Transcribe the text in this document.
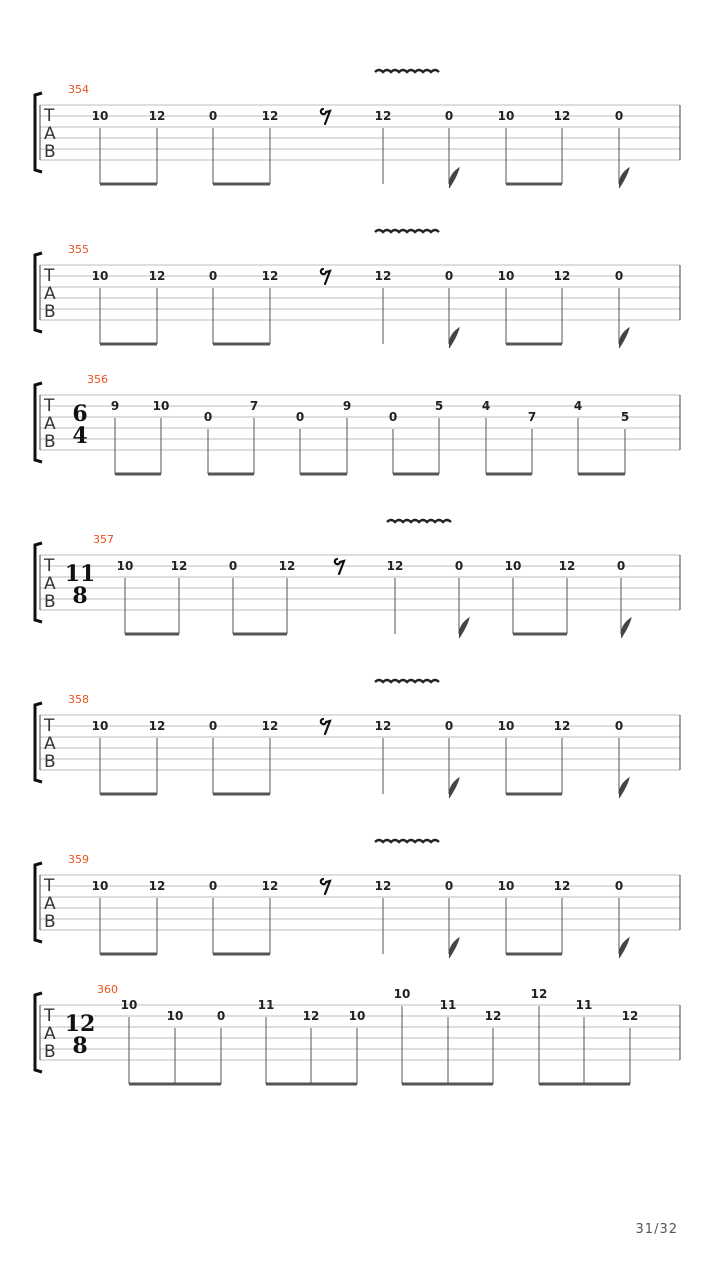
354
T
A
B
10	12	0	12	12	0	10	12	0
355
T
A
B
10	12	0	12	12	0	10	12	0
356
T
A
B
6
4
9	10
0
7
0
9
0
5	4
7
4
5
357
T
A
B
11
8
10	12	0	12	12	0	10	12	0
358
T
A
B
10	12	0	12	12	0	10	12	0
359
T
A
B
10	12	0	12	12	0	10	12	0
360
T
A
B
12
8
10
10	0
11
12 10
10
11
12
12
11
12
31/32
